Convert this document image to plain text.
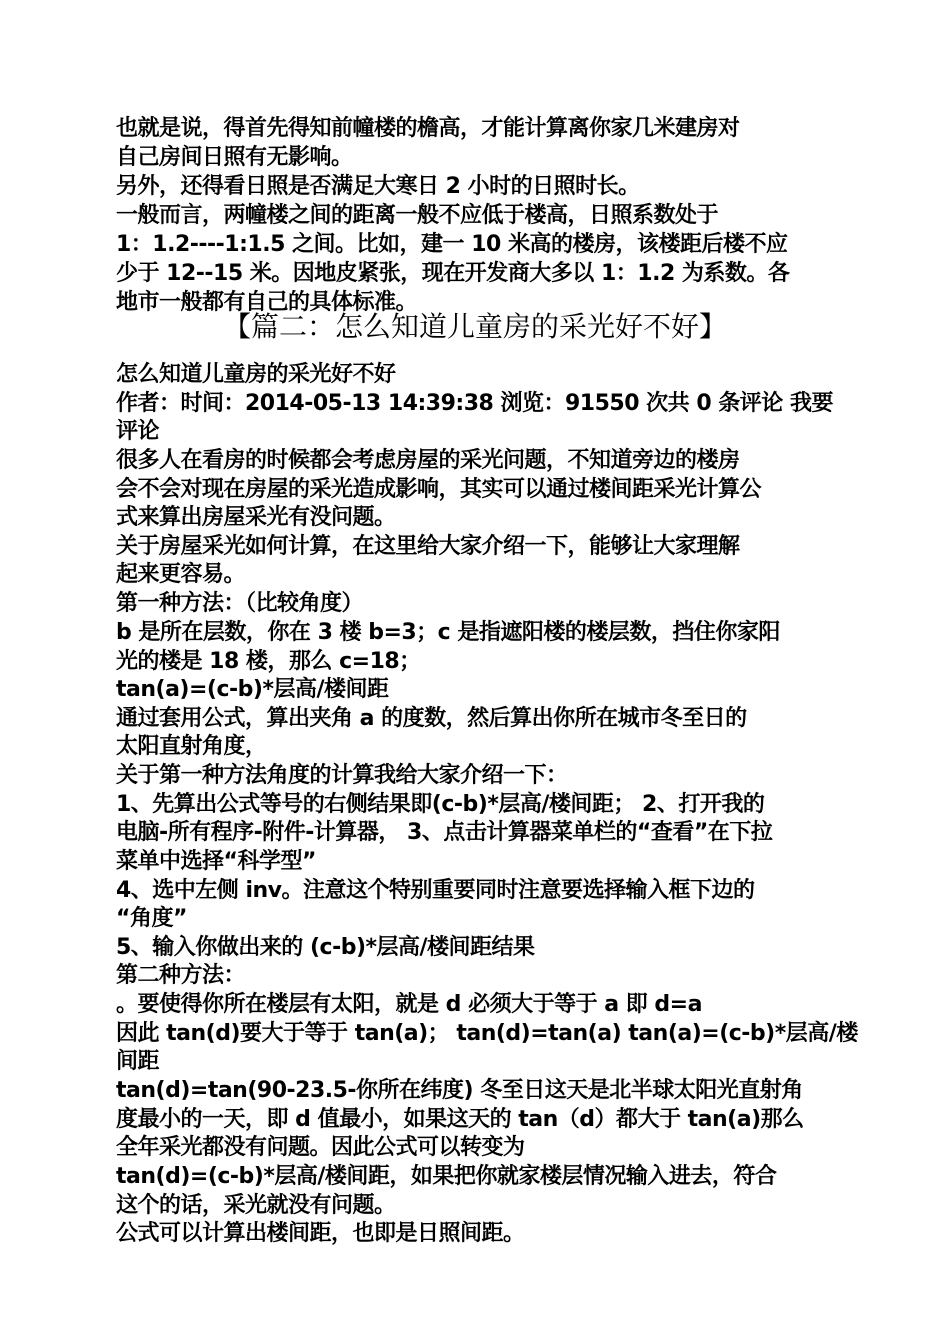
也就是说，得首先得知前幢楼的檐高，才能计算离你家几米建房对
自己房间日照有无影响。
另外，还得看日照是否满足大寒日 2 小时的日照时长。
一般而言，两幢楼之间的距离一般不应低于楼高，日照系数处于
1：1.2----1:1.5 之间。比如，建一 10 米高的楼房，该楼距后楼不应
少于 12--15 米。因地皮紧张，现在开发商大多以 1：1.2 为系数。各
地市一般都有自己的具体标准。
【篇二：怎么知道儿童房的采光好不好】
怎么知道儿童房的采光好不好
作者：时间：2014-05-13 14:39:38 浏览：91550 次共 0 条评论 我要
评论
很多人在看房的时候都会考虑房屋的采光问题，不知道旁边的楼房
会不会对现在房屋的采光造成影响，其实可以通过楼间距采光计算公
式来算出房屋采光有没问题。
关于房屋采光如何计算，在这里给大家介绍一下，能够让大家理解
起来更容易。
第一种方法：（比较角度）
b 是所在层数，你在 3 楼 b=3；c 是指遮阳楼的楼层数，挡住你家阳
光的楼是 18 楼，那么 c=18；
tan(a)=(c-b)*层高/楼间距
通过套用公式，算出夹角 a 的度数，然后算出你所在城市冬至日的
太阳直射角度，
关于第一种方法角度的计算我给大家介绍一下：
1、先算出公式等号的右侧结果即(c-b)*层高/楼间距； 2、打开我的
电脑-所有程序-附件-计算器， 3、点击计算器菜单栏的“查看”在下拉
菜单中选择“科学型”
4、选中左侧 inv。注意这个特别重要同时注意要选择输入框下边的
“角度”
5、输入你做出来的 (c-b)*层高/楼间距结果
第二种方法：
。要使得你所在楼层有太阳，就是 d 必须大于等于 a 即 d=a
因此 tan(d)要大于等于 tan(a)； tan(d)=tan(a) tan(a)=(c-b)*层高/楼
间距
tan(d)=tan(90-23.5-你所在纬度) 冬至日这天是北半球太阳光直射角
度最小的一天，即 d 值最小，如果这天的 tan（d）都大于 tan(a)那么
全年采光都没有问题。因此公式可以转变为
tan(d)=(c-b)*层高/楼间距，如果把你就家楼层情况输入进去，符合
这个的话，采光就没有问题。
公式可以计算出楼间距，也即是日照间距。
